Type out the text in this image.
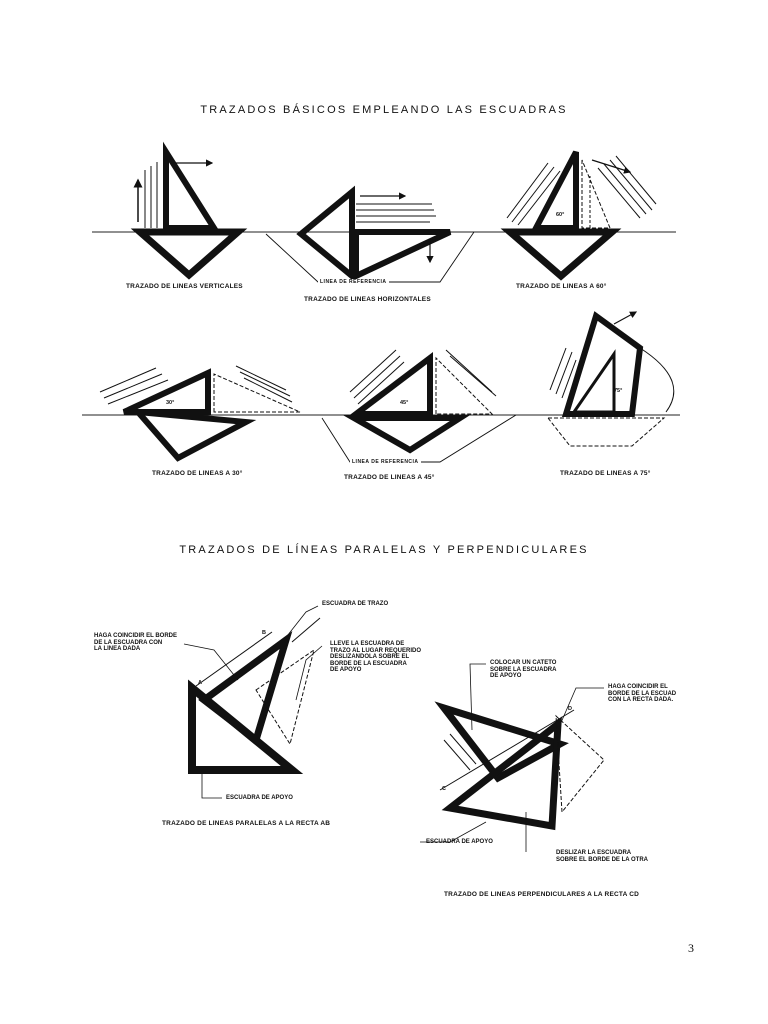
TRAZADOS BÁSICOS EMPLEANDO LAS ESCUADRAS
TRAZADOS DE LÍNEAS PARALELAS Y PERPENDICULARES
TRAZADO DE LINEAS VERTICALES
TRAZADO DE LINEAS HORIZONTALES
TRAZADO DE LINEAS A 60°
LINEA DE REFERENCIA
TRAZADO DE LINEAS A 30°
TRAZADO DE LINEAS A 45°
TRAZADO DE LINEAS A 75°
LINEA DE REFERENCIA
60°
30°	45°
75°
ESCUADRA DE TRAZO
HAGA COINCIDIR EL BORDE
DE LA ESCUADRA CON
LA LINEA DADA
LLEVE LA ESCUADRA DE
TRAZO AL LUGAR REQUERIDO
DESLIZANDOLA SOBRE EL
BORDE DE LA ESCUADRA
DE APOYO
ESCUADRA DE APOYO
TRAZADO DE LINEAS PARALELAS A LA RECTA AB
A
B
COLOCAR UN CATETO
SOBRE LA ESCUADRA
DE APOYO
HAGA COINCIDIR EL
BORDE DE LA ESCUAD
CON LA RECTA DADA.
ESCUADRA DE APOYO
DESLIZAR LA ESCUADRA
SOBRE EL BORDE DE LA OTRA
TRAZADO DE LINEAS PERPENDICULARES A LA RECTA CD
C
D
3
